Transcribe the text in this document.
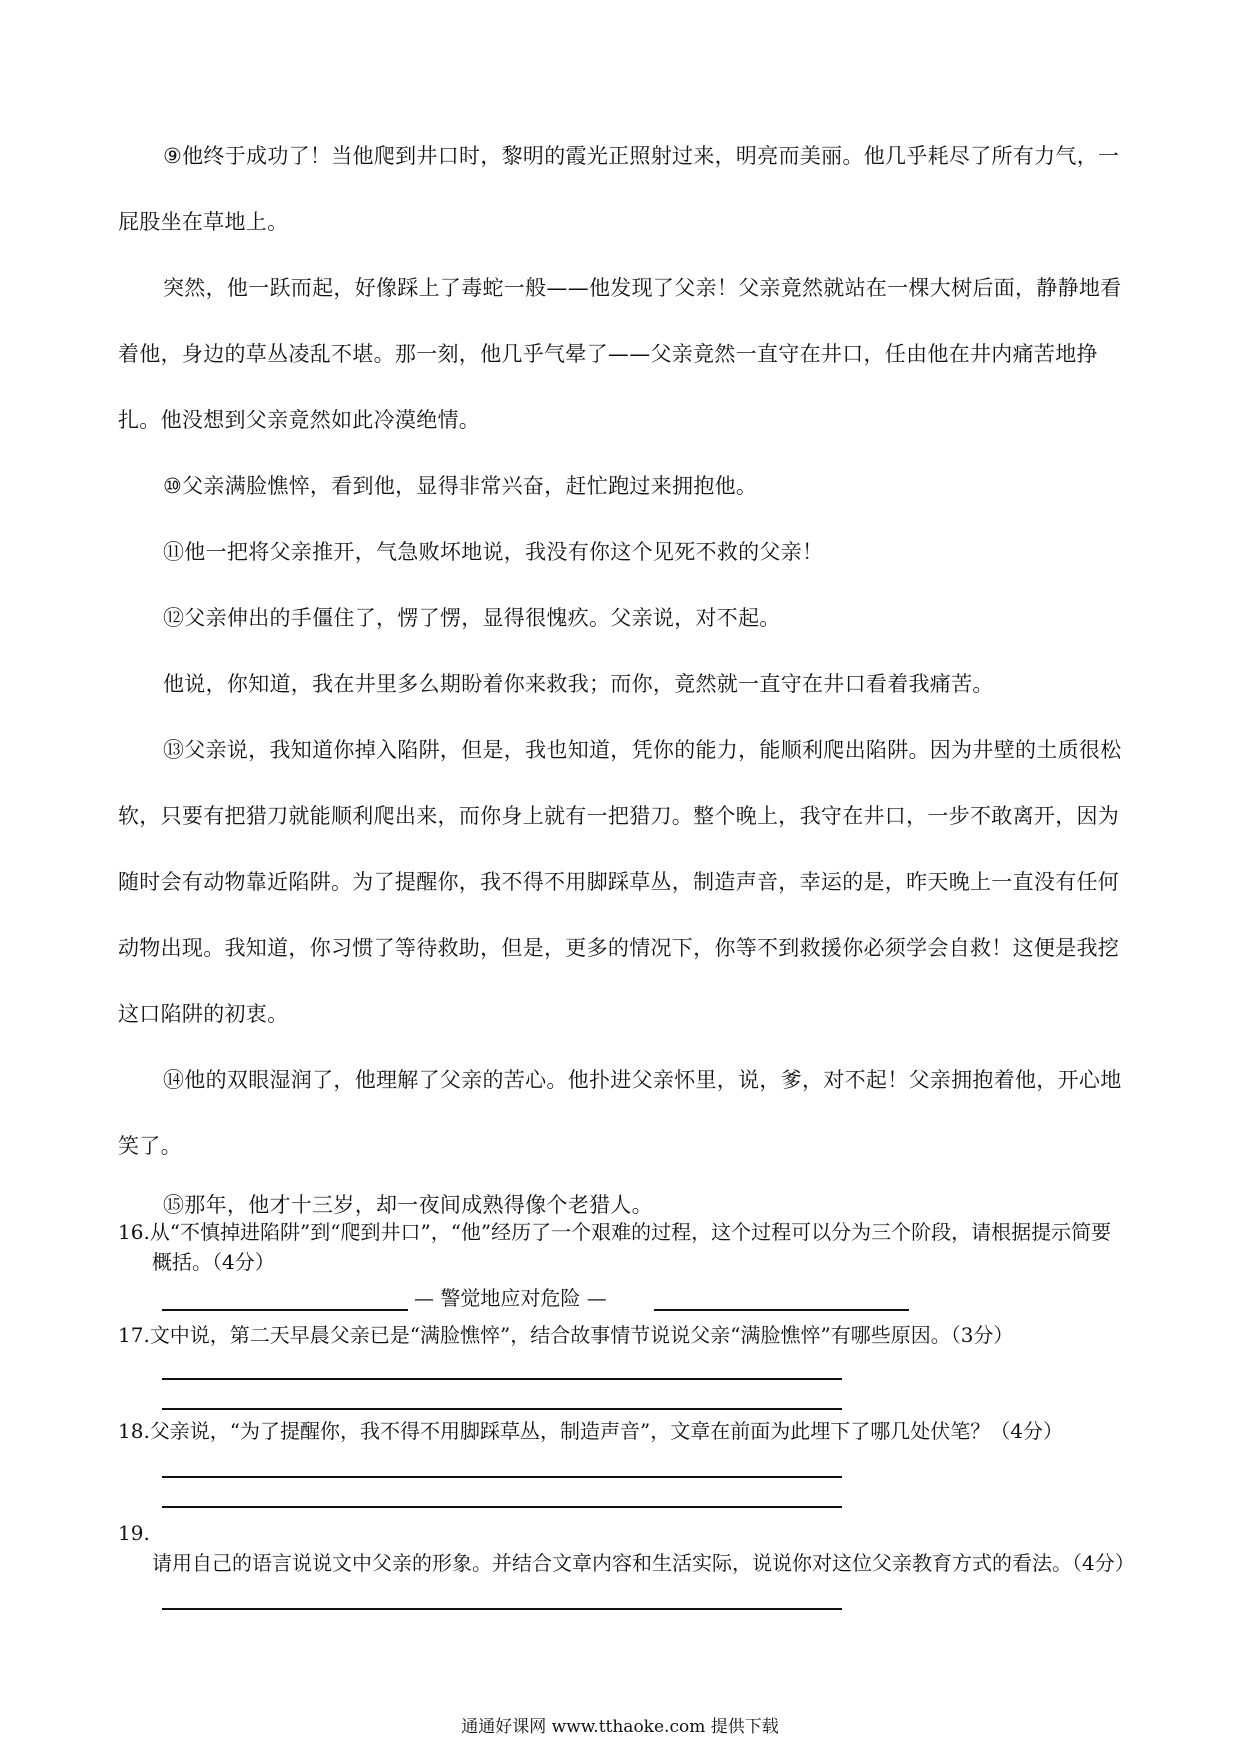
⑨他终于成功了！当他爬到井口时，黎明的霞光正照射过来，明亮而美丽。他几乎耗尽了所有力气，一屁股坐在草地上。

突然，他一跃而起，好像踩上了毒蛇一般——他发现了父亲！父亲竟然就站在一棵大树后面，静静地看着他，身边的草丛凌乱不堪。那一刻，他几乎气晕了——父亲竟然一直守在井口，任由他在井内痛苦地挣扎。他没想到父亲竟然如此冷漠绝情。

⑩父亲满脸憔悴，看到他，显得非常兴奋，赶忙跑过来拥抱他。

⑪他一把将父亲推开，气急败坏地说，我没有你这个见死不救的父亲！

⑫父亲伸出的手僵住了，愣了愣，显得很愧疚。父亲说，对不起。

他说，你知道，我在井里多么期盼着你来救我；而你，竟然就一直守在井口看着我痛苦。

⑬父亲说，我知道你掉入陷阱，但是，我也知道，凭你的能力，能顺利爬出陷阱。因为井壁的土质很松软，只要有把猎刀就能顺利爬出来，而你身上就有一把猎刀。整个晚上，我守在井口，一步不敢离开，因为随时会有动物靠近陷阱。为了提醒你，我不得不用脚踩草丛，制造声音，幸运的是，昨天晚上一直没有任何动物出现。我知道，你习惯了等待救助，但是，更多的情况下，你等不到救援你必须学会自救！这便是我挖这口陷阱的初衷。

⑭他的双眼湿润了，他理解了父亲的苦心。他扑进父亲怀里，说，爹，对不起！父亲拥抱着他，开心地笑了。

⑮那年，他才十三岁，却一夜间成熟得像个老猎人。

16.从“不慎掉进陷阱”到“爬到井口”，“他”经历了一个艰难的过程，这个过程可以分为三个阶段，请根据提示简要概括。（4分）
— 警觉地应对危险 —
17.文中说，第二天早晨父亲已是“满脸憔悴”，结合故事情节说说父亲“满脸憔悴”有哪些原因。（3分）
18.父亲说，“为了提醒你，我不得不用脚踩草丛，制造声音”，文章在前面为此埋下了哪几处伏笔？（4分）
19.请用自己的语言说说文中父亲的形象。并结合文章内容和生活实际，说说你对这位父亲教育方式的看法。（4分）
通通好课网 www.tthaoke.com 提供下载
